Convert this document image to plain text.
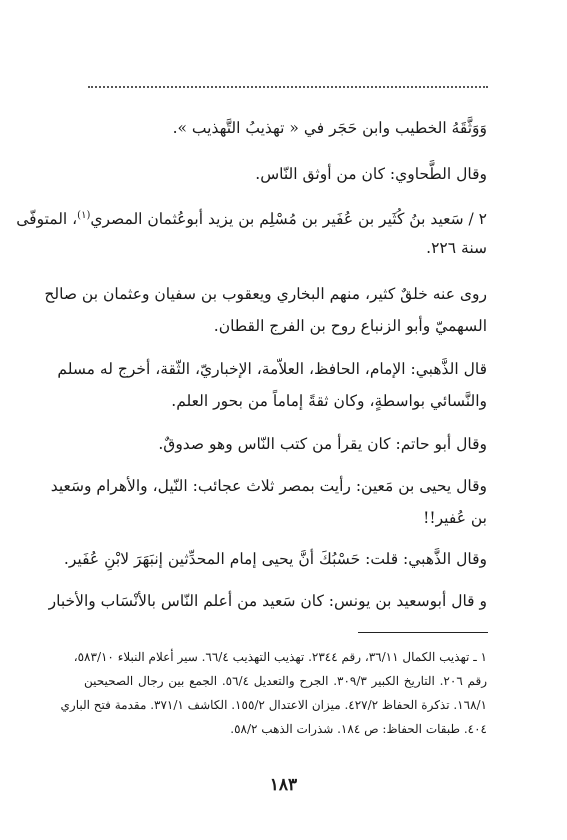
وَوَثَّقَهُ الخطيب وابن حَجَر في « تهذيبُ التَّهذيب ».
وقال الطَّحاوي: كان من أوثق النّاس.
٢ / سَعيد بنُ كُثَير بن عُفَير بن مُسْلِم بن يزيد أبوعُثمان المصري$^{(١)}$، المتوفّى
سنة ٢٢٦.
روى عنه خلقٌ كثير، منهم البخاري ويعقوب بن سفيان وعثمان بن صالح
السهميّ وأبو الزنباع روح بن الفرج القطان.
قال الذَّهبي: الإمام، الحافظ، العلاّمة، الإخباريّ، الثّقة، أخرج له مسلم
والنَّسائي بواسطةٍ، وكان ثقةً إماماً من بحور العلم.
وقال أبو حاتم: كان يقرأ من كتب النّاس وهو صدوقٌ.
وقال يحيى بن مَعين: رأيت بمصر ثلاث عجائب: النّيل، والأهرام وسَعيد
بن عُفير!!
وقال الذَّهبي: قلت: حَسْبُكَ أنَّ يحيى إمام المحدِّثين إنبَهَرَ لابْنِ عُفَير.
و قال أبوسعيد بن يونس: كان سَعيد من أعلم النّاس بالأنْسَاب والأخبار
١ ـ تهذيب الكمال ٣٦/١١، رقم ٢٣٤٤. تهذيب التهذيب ٦٦/٤. سير أعلام النبلاء ٥٨٣/١٠،
رقم ٢٠٦. التاريخ الكبير ٣٠٩/٣. الجرح والتعديل ٥٦/٤. الجمع بين رجال الصحيحين
١٦٨/١. تذكرة الحفاظ ٤٢٧/٢. ميزان الاعتدال ١٥٥/٢. الكاشف ٣٧١/١. مقدمة فتح الباري
٤٠٤. طبقات الحفاظ: ص ١٨٤. شذرات الذهب ٥٨/٢.
١٨٣
